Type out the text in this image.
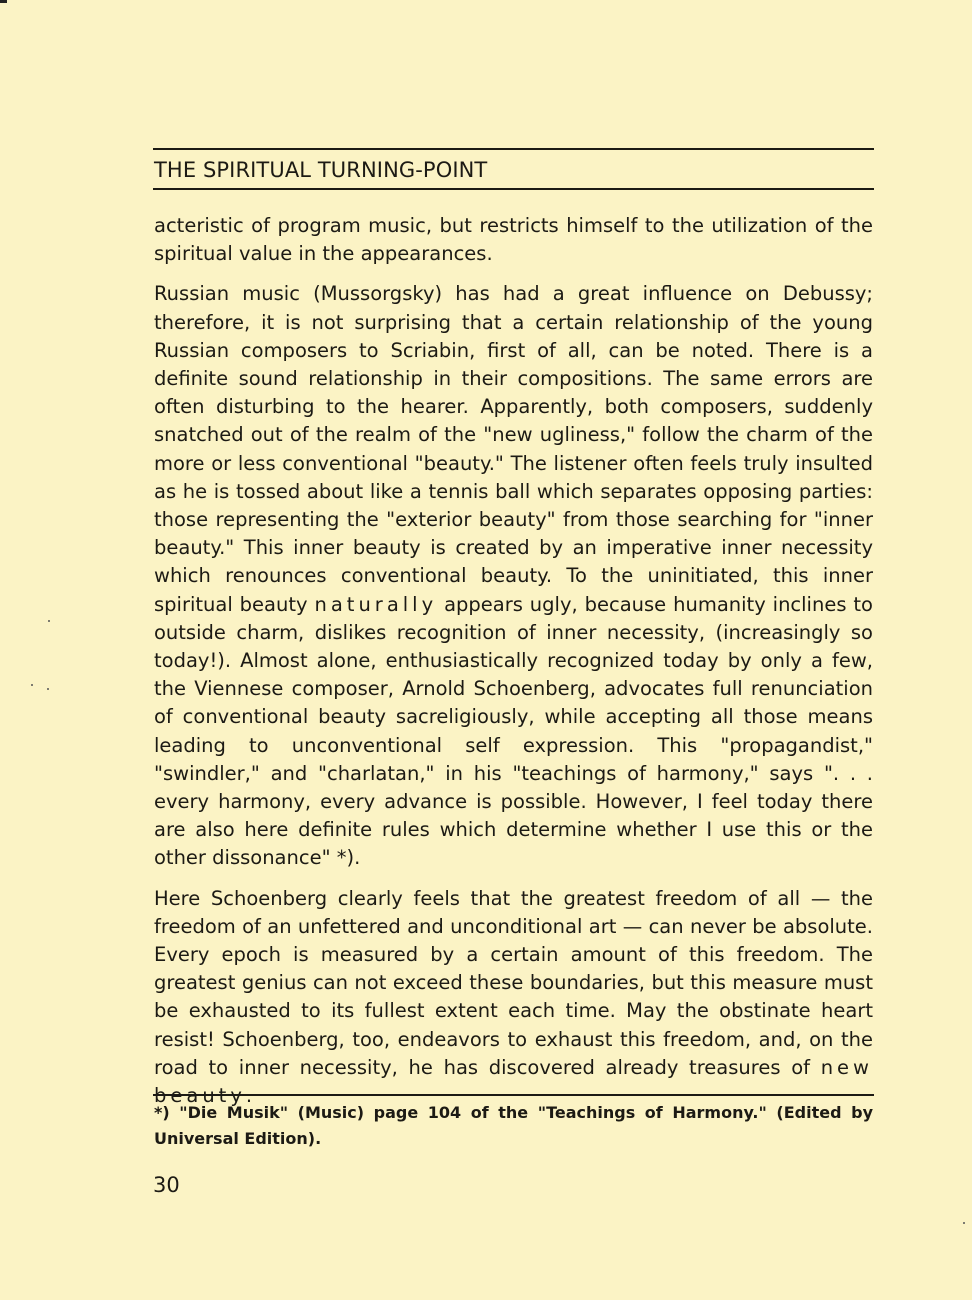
THE SPIRITUAL TURNING-POINT

acteristic of program music, but restricts himself to the utilization of the spiritual value in the appearances.

Russian music (Mussorgsky) has had a great influence on Debussy; therefore, it is not surprising that a certain relationship of the young Russian composers to Scriabin, first of all, can be noted. There is a definite sound relationship in their compositions. The same errors are often disturbing to the hearer. Apparently, both composers, suddenly snatched out of the realm of the "new ugliness," follow the charm of the more or less conventional "beauty." The listener often feels truly insulted as he is tossed about like a tennis ball which separates opposing parties: those representing the "exterior beauty" from those searching for "inner beauty." This inner beauty is created by an imperative inner necessity which renounces conventional beauty. To the uninitiated, this inner spiritual beauty naturally appears ugly, because humanity inclines to outside charm, dislikes recognition of inner necessity, (increasingly so today!). Almost alone, enthusiastically recognized today by only a few, the Viennese composer, Arnold Schoenberg, advocates full renunciation of conventional beauty sacreligiously, while accepting all those means leading to unconventional self expression. This "propagandist," "swindler," and "charlatan," in his "teachings of harmony," says ". . . every harmony, every advance is possible. However, I feel today there are also here definite rules which determine whether I use this or the other dissonance" *).

Here Schoenberg clearly feels that the greatest freedom of all — the freedom of an unfettered and unconditional art — can never be absolute. Every epoch is measured by a certain amount of this freedom. The greatest genius can not exceed these boundaries, but this measure must be exhausted to its fullest extent each time. May the obstinate heart resist! Schoenberg, too, endeavors to exhaust this freedom, and, on the road to inner necessity, he has discovered already treasures of new beauty.

*) "Die Musik" (Music) page 104 of the "Teachings of Harmony." (Edited by Universal Edition).
30
